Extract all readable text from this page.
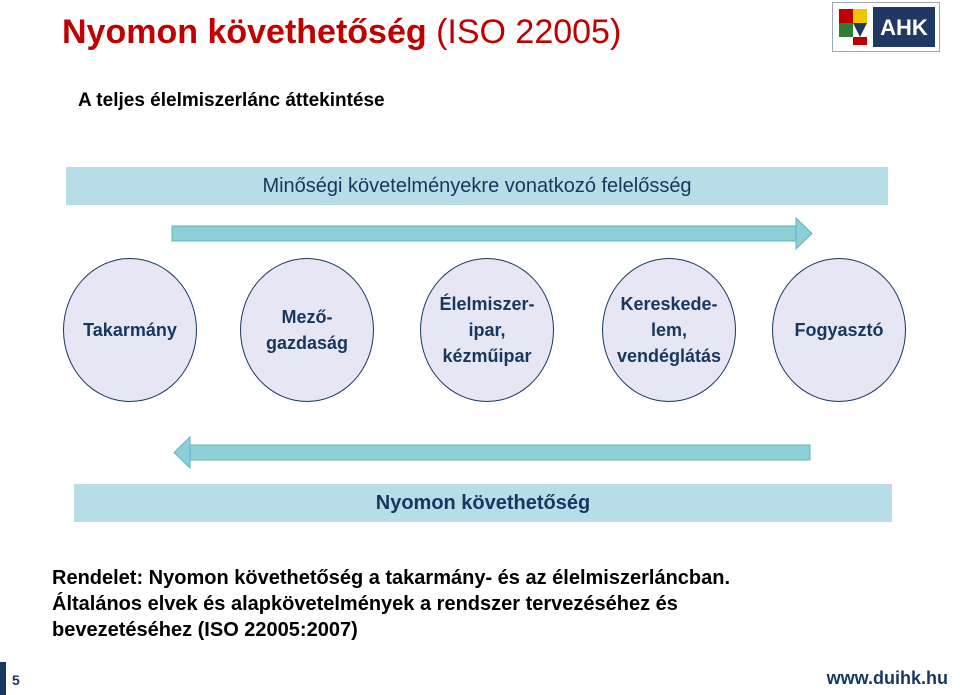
Nyomon követhetőség (ISO 22005)	AHK
A teljes élelmiszerlánc áttekintése
Minőségi követelményekre vonatkozó felelősség
Takarmány
Mező-
gazdaság
Élelmiszer-
ipar,
kézműipar
Kereskede-
lem,
vendéglátás
Fogyasztó
Nyomon követhetőség
Rendelet: Nyomon követhetőség a takarmány- és az élelmiszerláncban.
Általános elvek és alapkövetelmények a rendszer tervezéséhez és
bevezetéséhez (ISO 22005:2007)
5	www.duihk.hu
